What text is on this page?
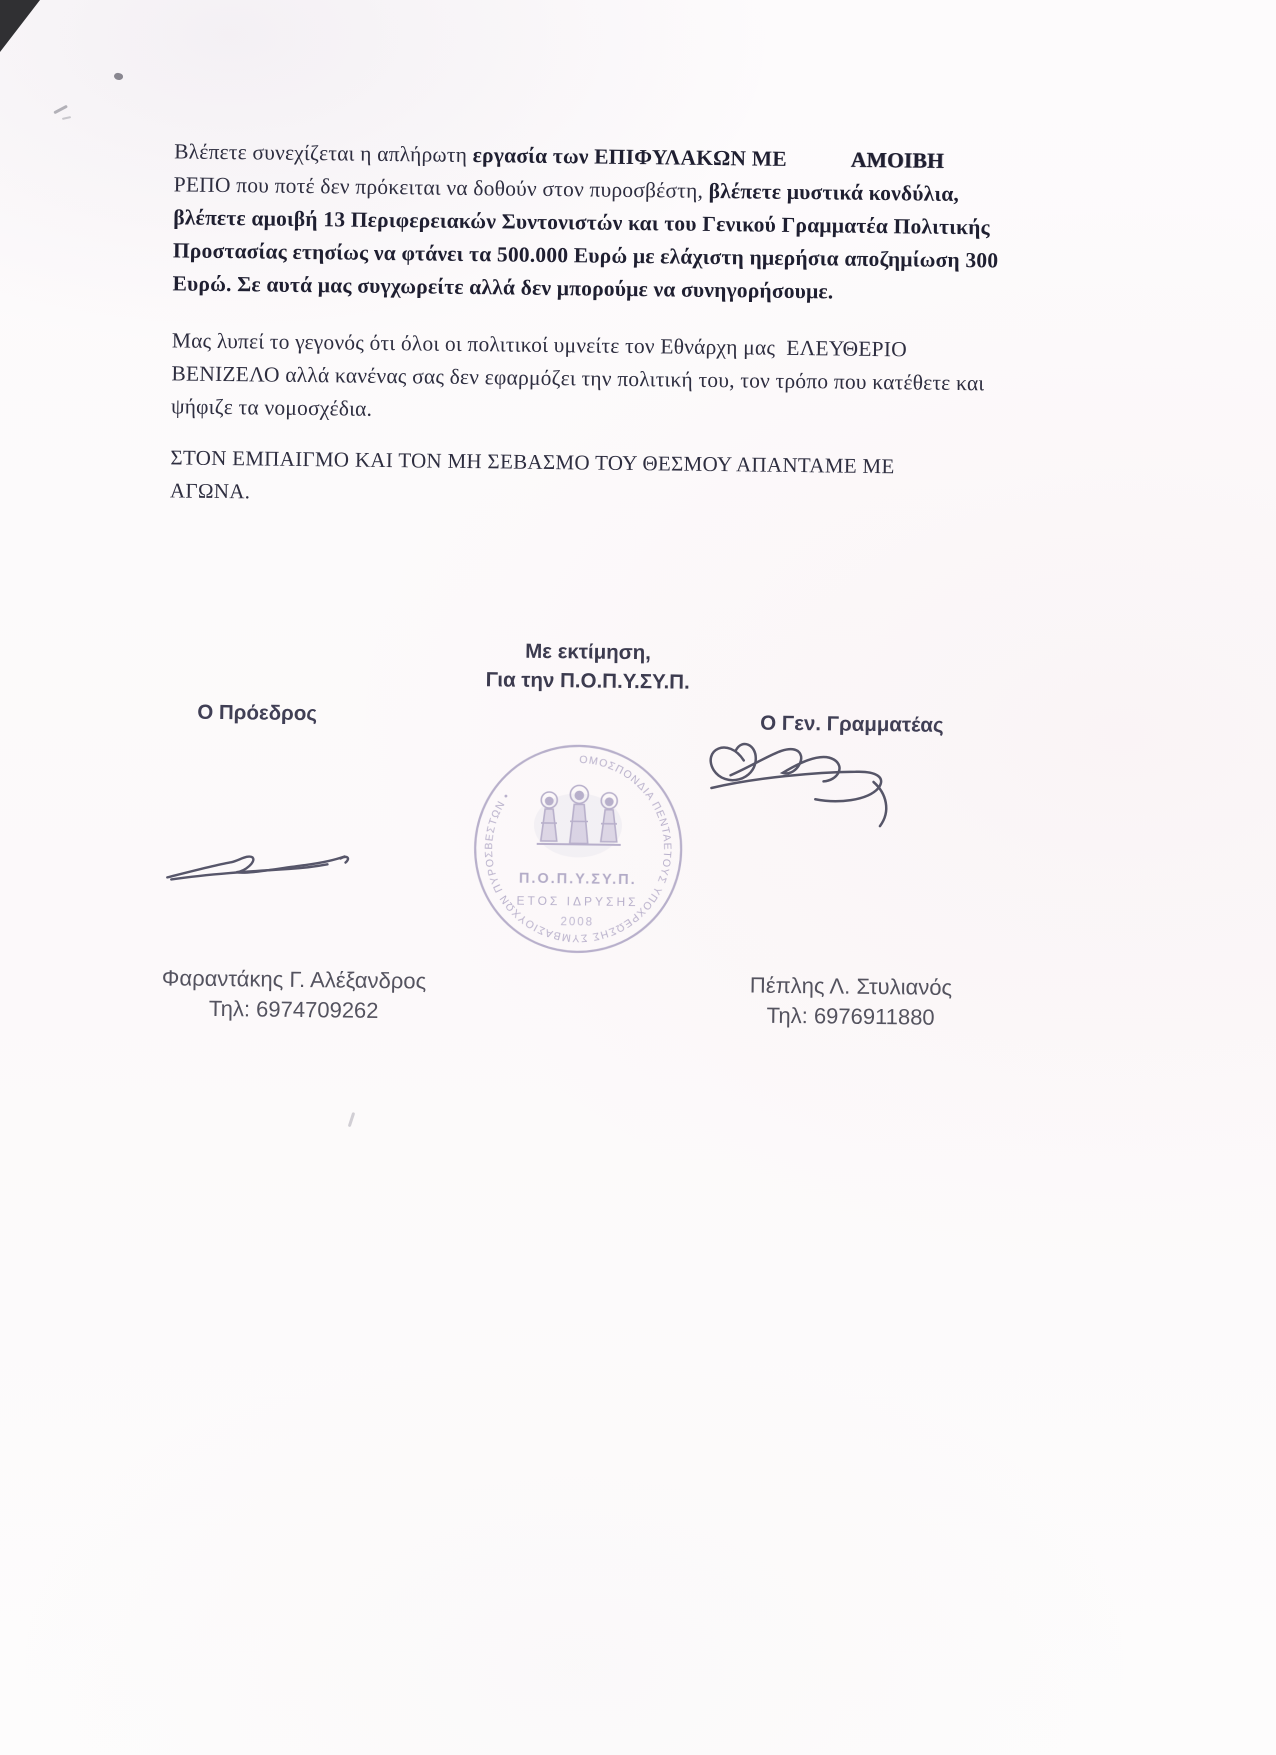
Βλέπετε συνεχίζεται η απλήρωτη εργασία των ΕΠΙΦΥΛΑΚΩΝ ΜΕ	ΑΜΟΙΒΗ
ΡΕΠΟ που ποτέ δεν πρόκειται να δοθούν στον πυροσβέστη, βλέπετε μυστικά κονδύλια,
βλέπετε αμοιβή 13 Περιφερειακών Συντονιστών και του Γενικού Γραμματέα Πολιτικής
Προστασίας ετησίως να φτάνει τα 500.000 Ευρώ με ελάχιστη ημερήσια αποζημίωση 300
Ευρώ. Σε αυτά μας συγχωρείτε αλλά δεν μπορούμε να συνηγορήσουμε.
Μας λυπεί το γεγονός ότι όλοι οι πολιτικοί υμνείτε τον Εθνάρχη μας  ΕΛΕΥΘΕΡΙΟ
ΒΕΝΙΖΕΛΟ αλλά κανένας σας δεν εφαρμόζει την πολιτική του, τον τρόπο που κατέθετε και
ψήφιζε τα νομοσχέδια.
ΣΤΟΝ ΕΜΠΑΙΓΜΟ ΚΑΙ ΤΟΝ ΜΗ ΣΕΒΑΣΜΟ ΤΟΥ ΘΕΣΜΟΥ ΑΠΑΝΤΑΜΕ ΜΕ
ΑΓΩΝΑ.
Με εκτίμηση,
Για την Π.Ο.Π.Υ.ΣΥ.Π.
Ο Πρόεδρος	Ο Γεν. Γραμματέας
ΟΜΟΣΠΟΝΔΙΑ ΠΕΝΤΑΕΤΟΥΣ ΥΠΟΧΡΕΩΣΗΣ ΣΥΜΒΑΣΙΟΥΧΩΝ ΠΥΡΟΣΒΕΣΤΩΝ •
Π.Ο.Π.Υ.ΣΥ.Π.
ΕΤΟΣ ΙΔΡΥΣΗΣ
2008
Φαραντάκης Γ. Αλέξανδρος
Τηλ: 6974709262
Πέπλης Λ. Στυλιανός
Τηλ: 6976911880
